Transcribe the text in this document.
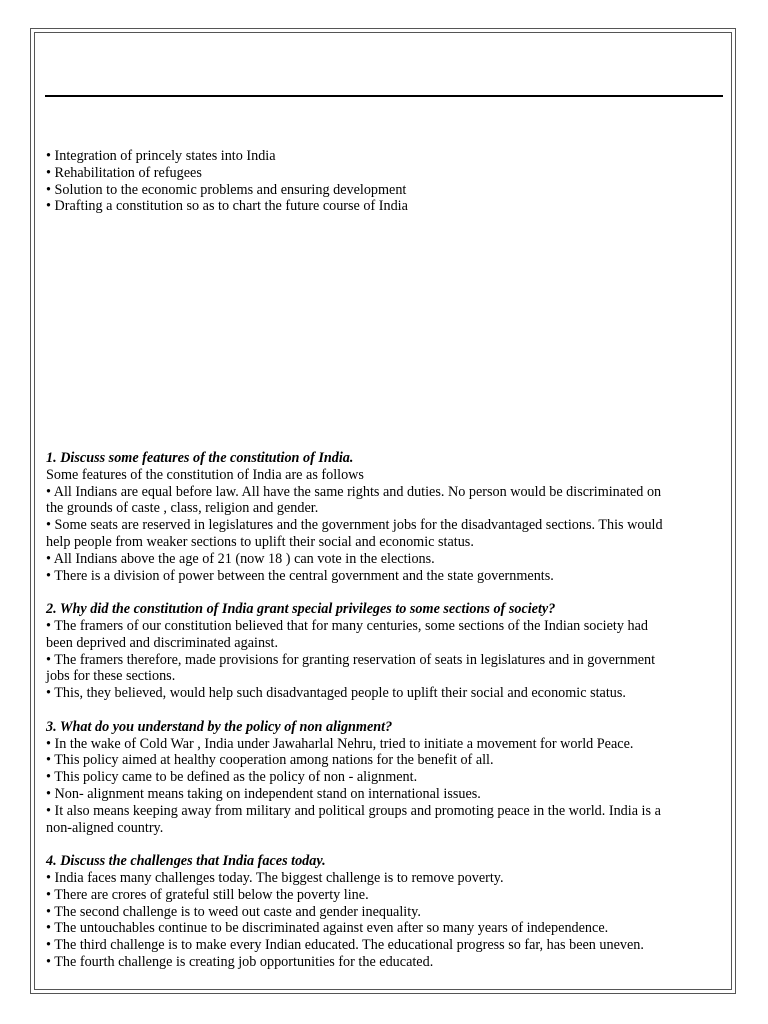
• Integration of princely states into India
• Rehabilitation of refugees
• Solution to the economic problems and ensuring development
• Drafting a constitution so as to chart the future course of India
1. Discuss some features of the constitution of India.
Some features of the constitution of India are as follows
• All Indians are equal before law. All have the same rights and duties. No person would be discriminated on
the grounds of caste , class, religion and gender.
• Some seats are reserved in legislatures and the government jobs for the disadvantaged sections. This would
help people from weaker sections to uplift their social and economic status.
• All Indians above the age of 21 (now 18 ) can vote in the elections.
• There is a division of power between the central government and the state governments.
2. Why did the constitution of India grant special privileges to some sections of society?
• The framers of our constitution believed that for many centuries, some sections of the Indian society had
been deprived and discriminated against.
• The framers therefore, made provisions for granting reservation of seats in legislatures and in government
jobs for these sections.
• This, they believed, would help such disadvantaged people to uplift their social and economic status.
3. What do you understand by the policy of non alignment?
• In the wake of Cold War , India under Jawaharlal Nehru, tried to initiate a movement for world Peace.
• This policy aimed at healthy cooperation among nations for the benefit of all.
• This policy came to be defined as the policy of non - alignment.
• Non- alignment means taking on independent stand on international issues.
• It also means keeping away from military and political groups and promoting peace in the world. India is a
non-aligned country.
4. Discuss the challenges that India faces today.
• India faces many challenges today. The biggest challenge is to remove poverty.
• There are crores of grateful still below the poverty line.
• The second challenge is to weed out caste and gender inequality.
• The untouchables continue to be discriminated against even after so many years of independence.
• The third challenge is to make every Indian educated. The educational progress so far, has been uneven.
• The fourth challenge is creating job opportunities for the educated.
